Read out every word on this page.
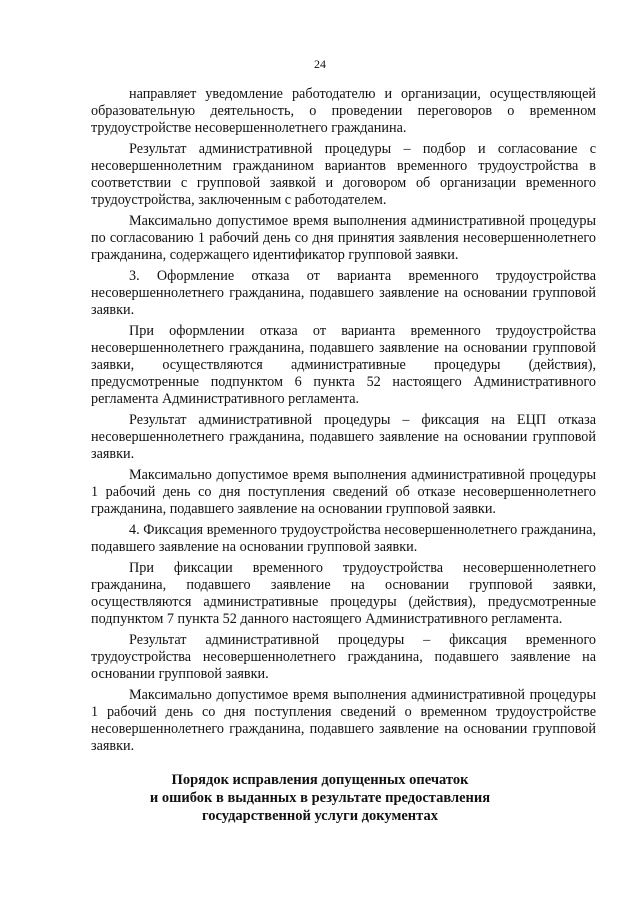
24

направляет уведомление работодателю и организации, осуществляющей образовательную деятельность, о проведении переговоров о временном трудоустройстве несовершеннолетнего гражданина.

Результат административной процедуры – подбор и согласование с несовершеннолетним гражданином вариантов временного трудоустройства в соответствии с групповой заявкой и договором об организации временного трудоустройства, заключенным с работодателем.

Максимально допустимое время выполнения административной процедуры по согласованию 1 рабочий день со дня принятия заявления несовершеннолетнего гражданина, содержащего идентификатор групповой заявки.

3. Оформление отказа от варианта временного трудоустройства несовершеннолетнего гражданина, подавшего заявление на основании групповой заявки.

При оформлении отказа от варианта временного трудоустройства несовершеннолетнего гражданина, подавшего заявление на основании групповой заявки, осуществляются административные процедуры (действия), предусмотренные подпунктом 6 пункта 52 настоящего Административного регламента Административного регламента.

Результат административной процедуры – фиксация на ЕЦП отказа несовершеннолетнего гражданина, подавшего заявление на основании групповой заявки.

Максимально допустимое время выполнения административной процедуры 1 рабочий день со дня поступления сведений об отказе несовершеннолетнего гражданина, подавшего заявление на основании групповой заявки.

4. Фиксация временного трудоустройства несовершеннолетнего гражданина, подавшего заявление на основании групповой заявки.

При фиксации временного трудоустройства несовершеннолетнего гражданина, подавшего заявление на основании групповой заявки, осуществляются административные процедуры (действия), предусмотренные подпунктом 7 пункта 52 данного настоящего Административного регламента.

Результат административной процедуры – фиксация временного трудоустройства несовершеннолетнего гражданина, подавшего заявление на основании групповой заявки.

Максимально допустимое время выполнения административной процедуры 1 рабочий день со дня поступления сведений о временном трудоустройстве несовершеннолетнего гражданина, подавшего заявление на основании групповой заявки.

Порядок исправления допущенных опечаток
и ошибок в выданных в результате предоставления
государственной услуги документах
